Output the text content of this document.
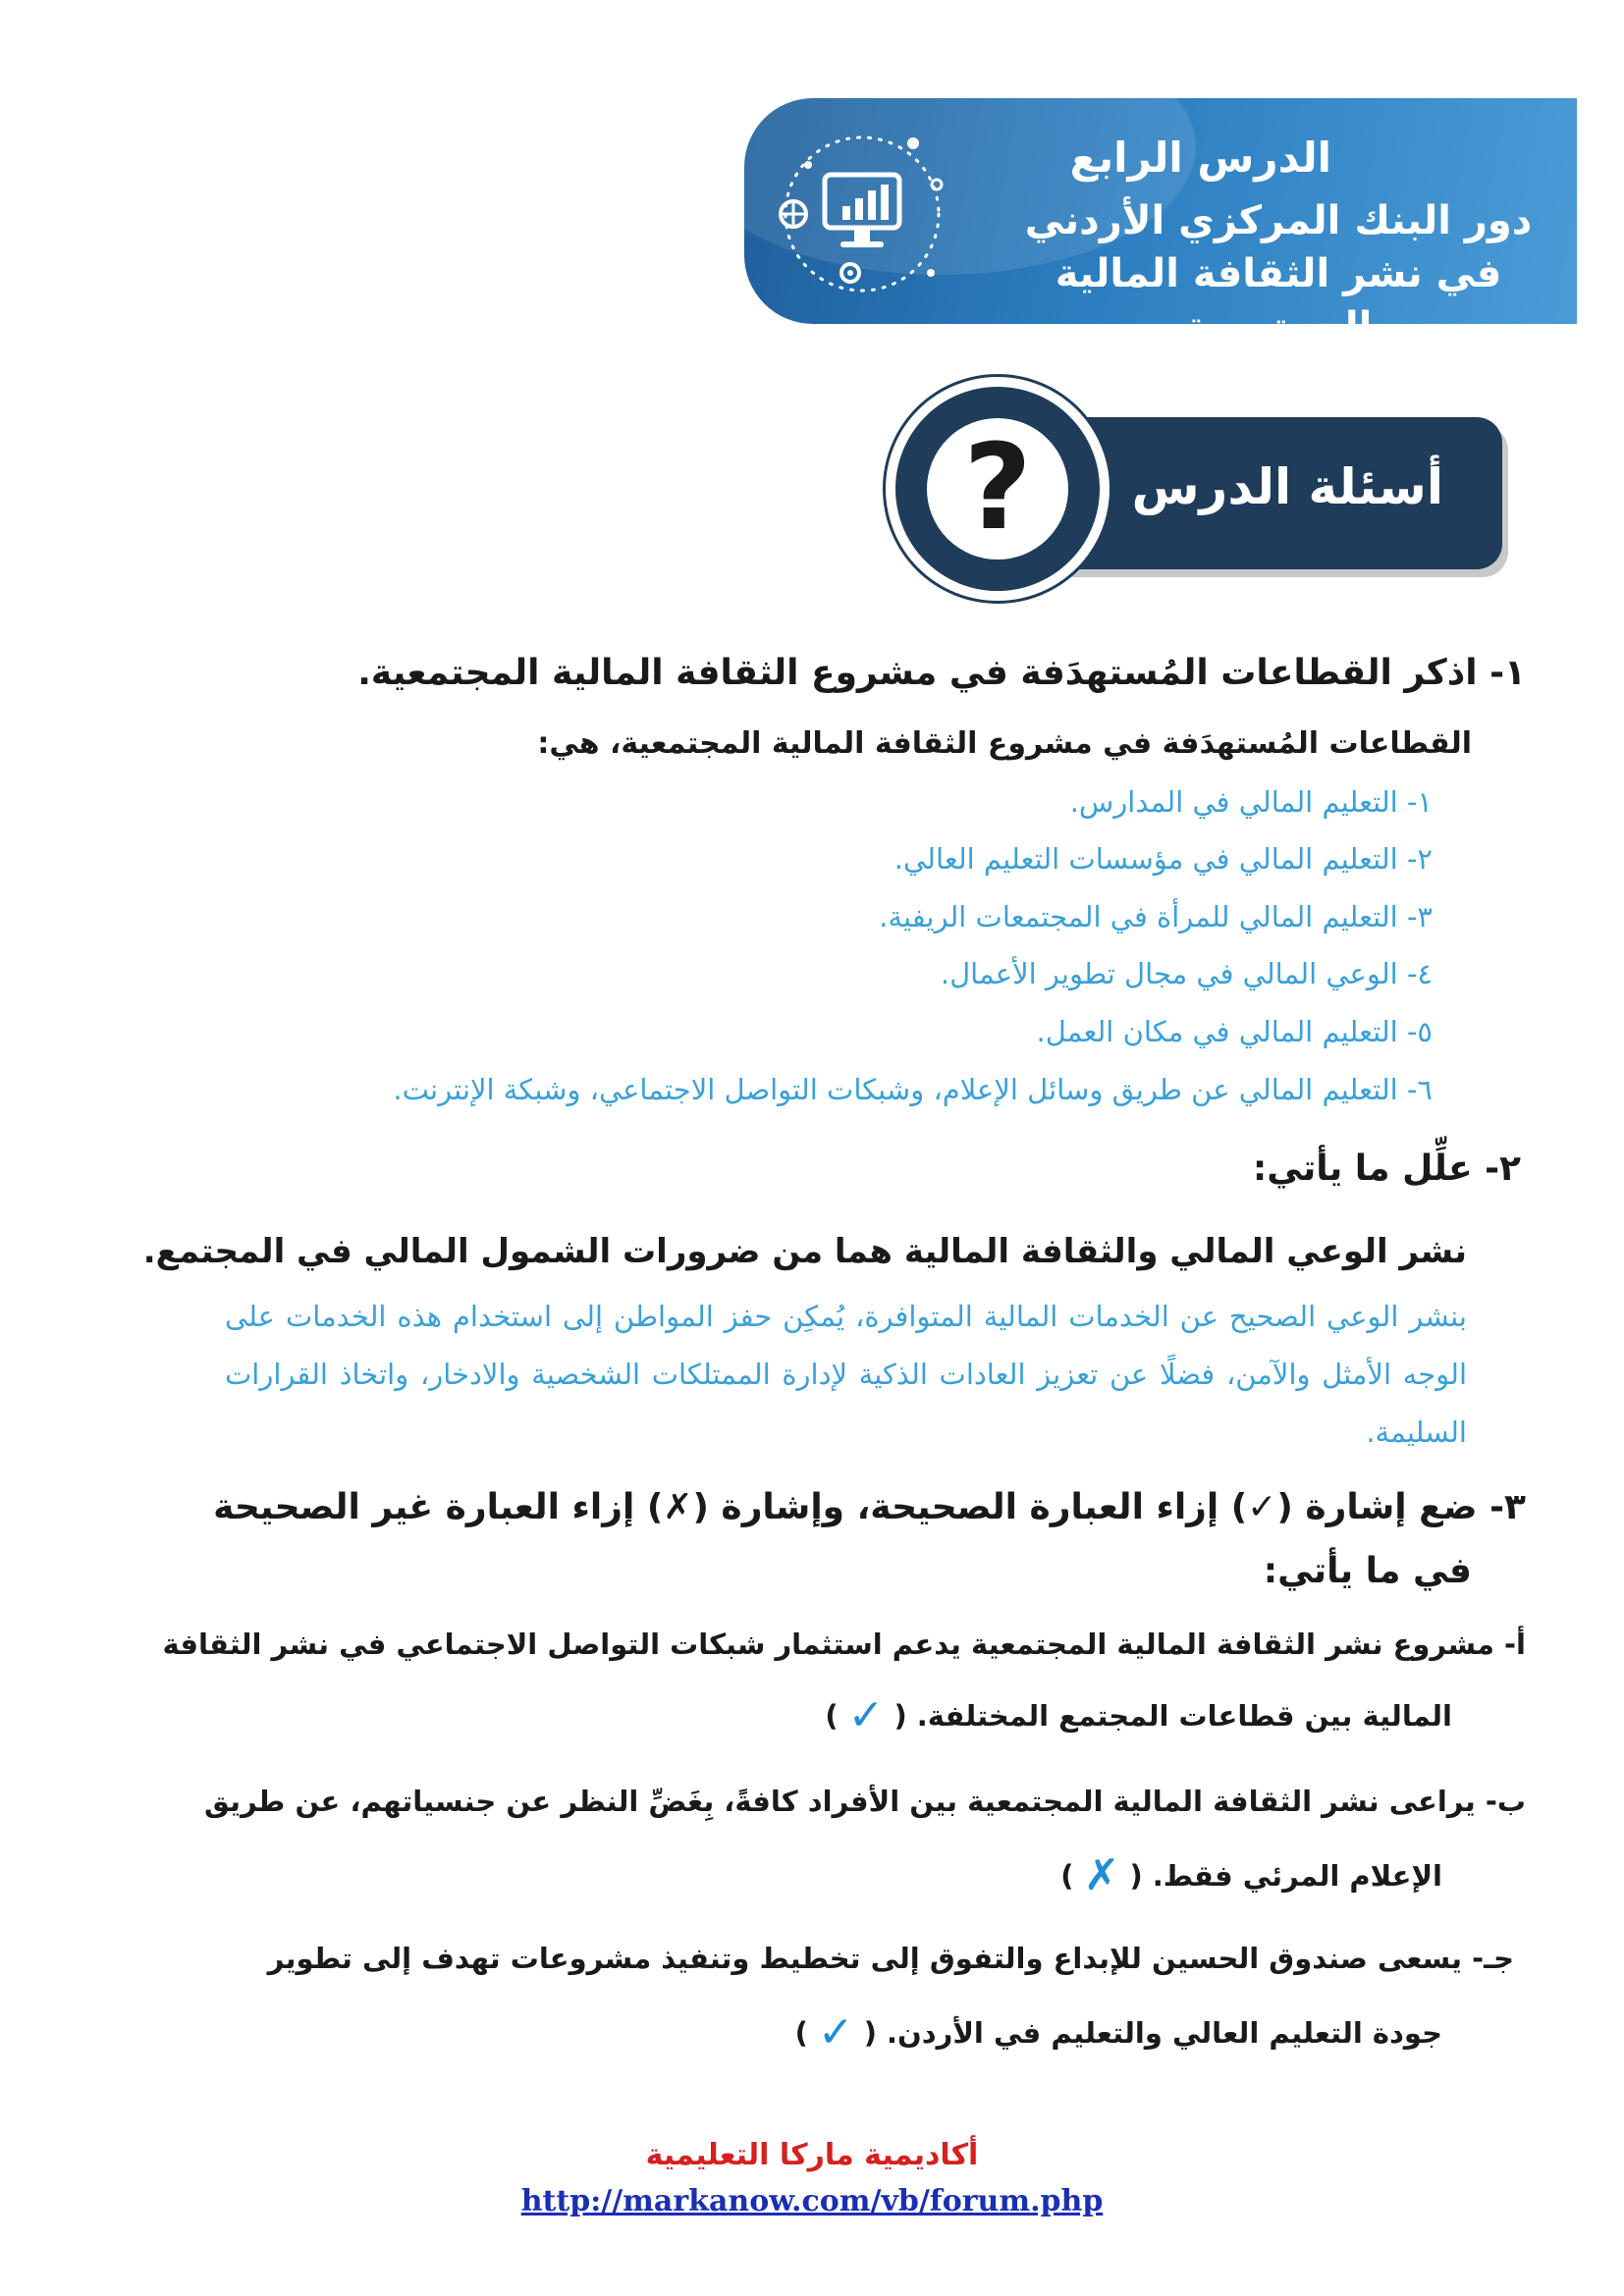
الدرس الرابع
دور البنك المركزي الأردني في نشر الثقافة المالية المجتمعية
أسئلة الدرس
?
١- اذكر القطاعات المُستهدَفة في مشروع الثقافة المالية المجتمعية.
القطاعات المُستهدَفة في مشروع الثقافة المالية المجتمعية، هي:
١- التعليم المالي في المدارس.
٢- التعليم المالي في مؤسسات التعليم العالي.
٣- التعليم المالي للمرأة في المجتمعات الريفية.
٤- الوعي المالي في مجال تطوير الأعمال.
٥- التعليم المالي في مكان العمل.
٦- التعليم المالي عن طريق وسائل الإعلام، وشبكات التواصل الاجتماعي، وشبكة الإنترنت.
٢- علِّل ما يأتي:
نشر الوعي المالي والثقافة المالية هما من ضرورات الشمول المالي في المجتمع.
بنشر الوعي الصحيح عن الخدمات المالية المتوافرة، يُمكِن حفز المواطن إلى استخدام هذه الخدمات على الوجه الأمثل والآمن، فضلًا عن تعزيز العادات الذكية لإدارة الممتلكات الشخصية والادخار، واتخاذ القرارات السليمة.
٣- ضع إشارة (✓) إزاء العبارة الصحيحة، وإشارة (✗) إزاء العبارة غير الصحيحة
في ما يأتي:
أ- مشروع نشر الثقافة المالية المجتمعية يدعم استثمار شبكات التواصل الاجتماعي في نشر الثقافة
المالية بين قطاعات المجتمع المختلفة.
(
✓
)
ب- يراعى نشر الثقافة المالية المجتمعية بين الأفراد كافةً، بِغَضِّ النظر عن جنسياتهم، عن طريق
الإعلام المرئي فقط.
(
✗
)
جـ- يسعى صندوق الحسين للإبداع والتفوق إلى تخطيط وتنفيذ مشروعات تهدف إلى تطوير
جودة التعليم العالي والتعليم في الأردن.
(
✓
)
أكاديمية ماركا التعليمية
http://markanow.com/vb/forum.php
